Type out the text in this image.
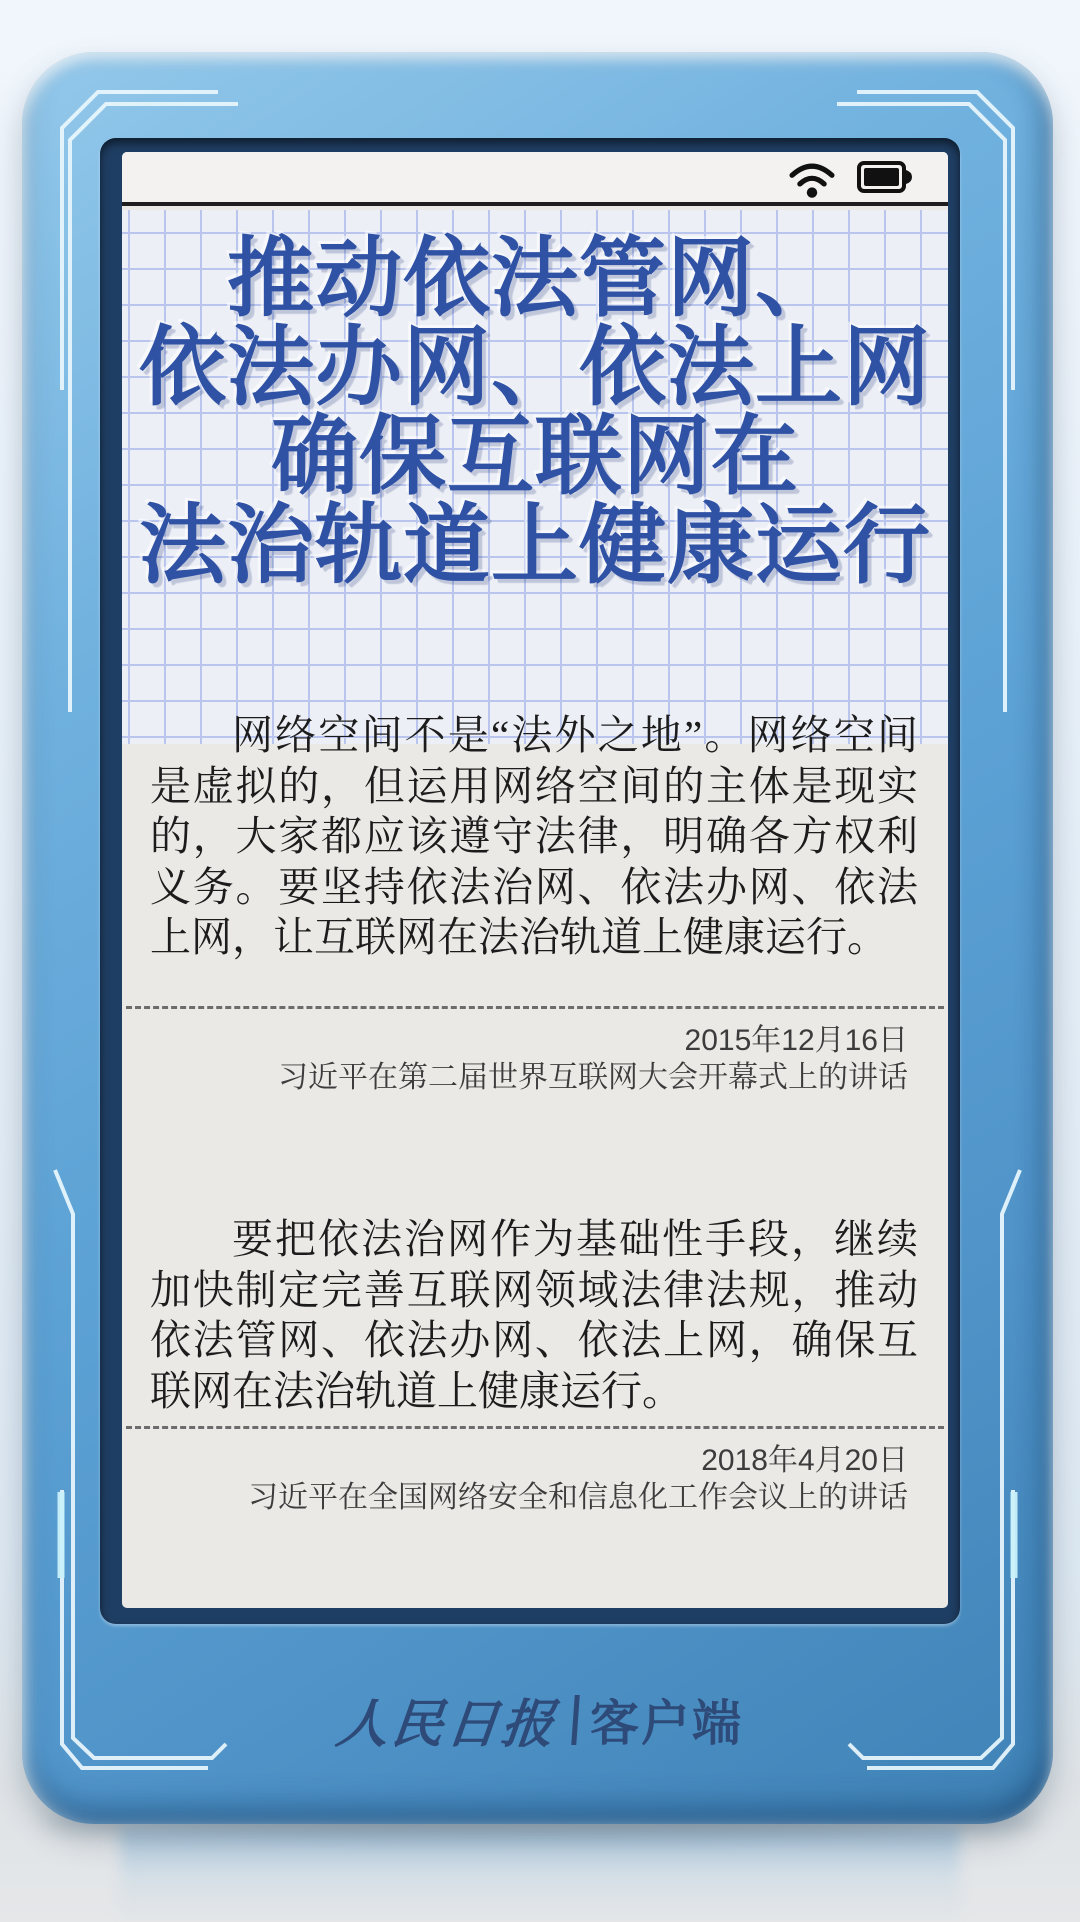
推动依法管网、
依法办网、依法上网
确保互联网在
法治轨道上健康运行
网络空间不是“法外之地”。网络空间是虚拟的，但运用网络空间的主体是现实的，大家都应该遵守法律，明确各方权利义务。要坚持依法治网、依法办网、依法上网，让互联网在法治轨道上健康运行。
2015年12月16日
习近平在第二届世界互联网大会开幕式上的讲话
要把依法治网作为基础性手段，继续加快制定完善互联网领域法律法规，推动依法管网、依法办网、依法上网，确保互联网在法治轨道上健康运行。
2018年4月20日
习近平在全国网络安全和信息化工作会议上的讲话
人民日报 客户端
